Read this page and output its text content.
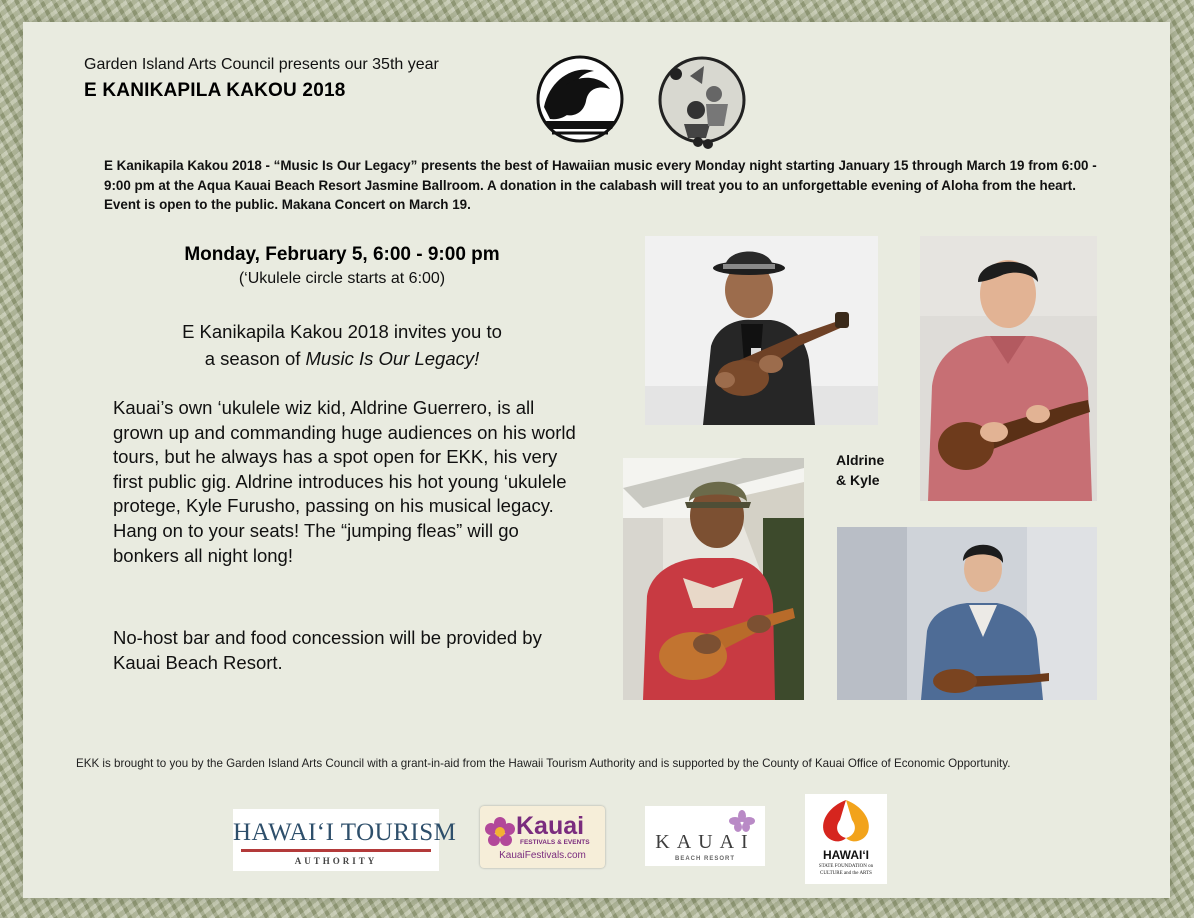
Garden Island Arts Council presents our 35th year
E KANIKAPILA KAKOU 2018
E Kanikapila Kakou 2018 - “Music Is Our Legacy” presents the best of Hawaiian music every Monday night starting January 15 through March 19 from 6:00 - 9:00 pm at the Aqua Kauai Beach Resort Jasmine Ballroom. A donation in the calabash will treat you to an unforgettable evening of Aloha from the heart. Event is open to the public. Makana Concert on March 19.
Monday, February 5, 6:00 - 9:00 pm
(‘Ukulele circle starts at 6:00)
E Kanikapila Kakou 2018 invites you to
a season of Music Is Our Legacy!
Kauai’s own ‘ukulele wiz kid, Aldrine Guerrero, is all grown up and commanding huge audiences on his world tours, but he always has a spot open for EKK, his very first public gig. Aldrine introduces his hot young ‘ukulele protege, Kyle Furusho, passing on his musical legacy. Hang on to your seats! The “jumping fleas” will go bonkers all night long!
No-host bar and food concession will be provided by Kauai Beach Resort.
Aldrine
& Kyle
EKK is brought to you by the Garden Island Arts Council with a grant-in-aid from the Hawaii Tourism Authority and is supported by the County of Kauai Office of Economic Opportunity.
HAWAI‘I TOURISM
AUTHORITY
Kauai
FESTIVALS & EVENTS
KauaiFestivals.com
KAUAI
BEACH RESORT	HAWAI‘I
STATE FOUNDATION on
CULTURE and the ARTS
